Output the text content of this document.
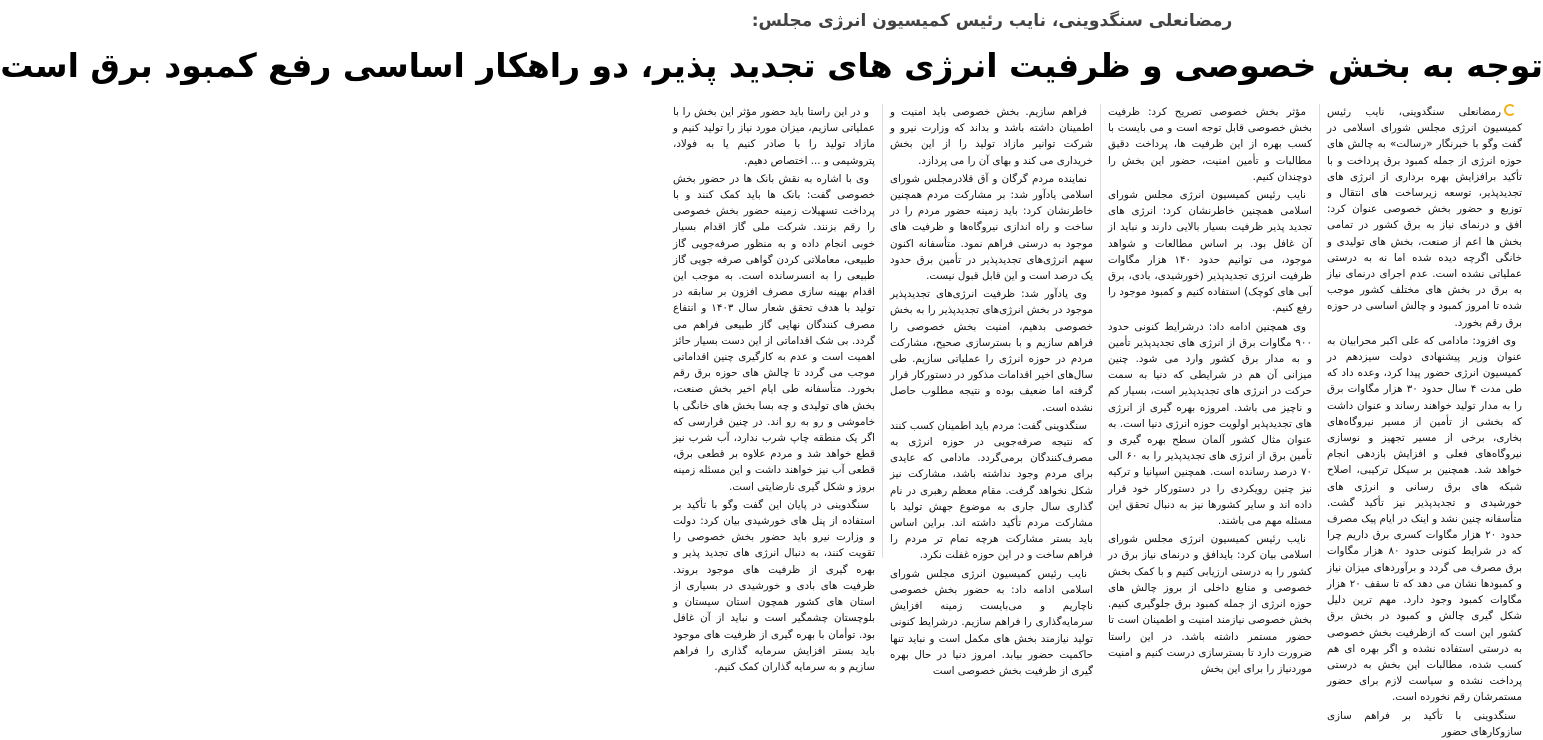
رمضانعلی سنگدوینی، نایب رئیس کمیسیون انرژی مجلس:
توجه به بخش خصوصی و ظرفیت انرژی های تجدید پذیر، دو راهکار اساسی رفع کمبود برق است

رمضانعلی سنگدوینی، نایب رئیس کمیسیون انرژی مجلس شورای اسلامی در گفت وگو با خبرنگار «رسالت» به چالش های حوزه انرژی از جمله کمبود برق پرداخت و با تأکید برافزایش بهره برداری از انرژی های تجدیدپذیر، توسعه زیرساخت های انتقال و توزیع و حضور بخش خصوصی عنوان کرد: افق و درنمای نیاز به برق کشور در تمامی بخش ها اعم از صنعت، بخش های تولیدی و خانگی اگرچه دیده شده اما نه به درستی عملیاتی نشده است. عدم اجرای درنمای نیاز به برق در بخش های مختلف کشور موجب شده تا امروز کمبود و چالش اساسی در حوزه برق رقم بخورد.

وی افزود: مادامی که علی اکبر محرابیان به عنوان وزیر پیشنهادی دولت سیزدهم در کمیسیون انرژی حضور پیدا کرد، وعده داد که طی مدت ۴ سال حدود ۳۰ هزار مگاوات برق را به مدار تولید خواهند رساند و عنوان داشت که بخشی از تأمین از مسیر نیروگاه‌های بخاری، برخی از مسیر تجهیز و نوسازی نیروگاه‌های فعلی و افزایش بازدهی انجام خواهد شد. همچنین بر سیکل ترکیبی، اصلاح شبکه های برق رسانی و انرژی های خورشیدی و تجدیدپذیر نیز تأکید گشت. متأسفانه چنین نشد و اینک در ایام پیک مصرف حدود ۲۰ هزار مگاوات کسری برق داریم چرا که در شرایط کنونی حدود ۸۰ هزار مگاوات برق مصرف می گردد و برآوردهای میزان نیاز و کمبودها نشان می دهد که تا سقف ۲۰ هزار مگاوات کمبود وجود دارد. مهم ترین دلیل شکل گیری چالش و کمبود در بخش برق کشور این است که ازظرفیت بخش خصوصی به درستی استفاده نشده و اگر بهره ای هم کسب شده، مطالبات این بخش به درستی پرداخت نشده و سیاست لازم برای حضور مستمرشان رقم نخورده است.

سنگدوینی با تأکید بر فراهم سازی سازوکارهای حضور

مؤثر بخش خصوصی تصریح کرد: ظرفیت بخش خصوصی قابل توجه است و می بایست با کسب بهره از این ظرفیت ها، پرداخت دقیق مطالبات و تأمین امنیت، حضور این بخش را دوچندان کنیم.

نایب رئیس کمیسیون انرژی مجلس شورای اسلامی همچنین خاطرنشان کرد: انرژی های تجدید پذیر ظرفیت بسیار بالایی دارند و نباید از آن غافل بود. بر اساس مطالعات و شواهد موجود، می توانیم حدود ۱۴۰ هزار مگاوات ظرفیت انرژی تجدیدپذیر (خورشیدی، بادی، برق آبی های کوچک) استفاده کنیم و کمبود موجود را رفع کنیم.

وی همچنین ادامه داد: درشرایط کنونی حدود ۹۰۰ مگاوات برق از انرژی های تجدیدپذیر تأمین و به مدار برق کشور وارد می شود. چنین میزانی آن هم در شرایطی که دنیا به سمت حرکت در انرژی های تجدیدپذیر است، بسیار کم و ناچیز می باشد. امروزه بهره گیری از انرژی های تجدیدپذیر اولویت حوزه انرژی دنیا است. به عنوان مثال کشور آلمان سطح بهره گیری و تأمین برق از انرژی های تجدیدپذیر را به ۶۰ الی ۷۰ درصد رسانده است. همچنین اسپانیا و ترکیه نیز چنین رویکردی را در دستورکار خود قرار داده اند و سایر کشورها نیز به دنبال تحقق این مسئله مهم می باشند.

نایب رئیس کمیسیون انرژی مجلس شورای اسلامی بیان کرد: بایدافق و درنمای نیاز برق در کشور را به درستی ارزیابی کنیم و با کمک بخش خصوصی و منابع داخلی از بروز چالش های حوزه انرژی از جمله کمبود برق جلوگیری کنیم. بخش خصوصی نیازمند امنیت و اطمینان است تا حضور مستمر داشته باشد. در این راستا ضرورت دارد تا بسترسازی درست کنیم و امنیت موردنیاز را برای این بخش

فراهم سازیم. بخش خصوصی باید امنیت و اطمینان داشته باشد و بداند که وزارت نیرو و شرکت توانیر مازاد تولید را از این بخش خریداری می کند و بهای آن را می پردازد.

نماینده مردم گرگان و آق قلادرمجلس شورای اسلامی یادآور شد: بر مشارکت مردم همچنین خاطرنشان کرد: باید زمینه حضور مردم را در ساخت و راه اندازی نیروگاه‌ها و ظرفیت های موجود به درستی فراهم نمود. متأسفانه اکنون سهم انرژی‌های تجدیدپذیر در تأمین برق حدود یک درصد است و این قابل قبول نیست.

وی یادآور شد: ظرفیت انرژی‌های تجدیدپذیر موجود در بخش انرژی‌های تجدیدپذیر را به بخش خصوصی بدهیم، امنیت بخش خصوصی را فراهم سازیم و با بسترسازی صحیح، مشارکت مردم در حوزه انرژی را عملیاتی سازیم. طی سال‌های اخیر اقدامات مذکور در دستورکار قرار گرفته اما ضعیف بوده و نتیجه مطلوب حاصل نشده است.

سنگدوینی گفت: مردم باید اطمینان کسب کنند که نتیجه صرفه‌جویی در حوزه انرژی به مصرف‌کنندگان برمی‌گردد. مادامی که عایدی برای مردم وجود نداشته باشد، مشارکت نیز شکل نخواهد گرفت. مقام معظم رهبری در نام گذاری سال جاری به موضوع جهش تولید با مشارکت مردم تأکید داشته اند. براین اساس باید بستر مشارکت هرچه تمام تر مردم را فراهم ساخت و در این حوزه غفلت نکرد.

نایب رئیس کمیسیون انرژی مجلس شورای اسلامی ادامه داد: به حضور بخش خصوصی ناچاریم و می‌بایست زمینه افزایش سرمایه‌گذاری را فراهم سازیم. درشرایط کنونی تولید نیازمند بخش های مکمل است و نباید تنها حاکمیت حضور بیابد. امروز دنیا در حال بهره گیری از ظرفیت بخش خصوصی است

و در این راستا باید حضور مؤثر این بخش را با عملیاتی سازیم، میزان مورد نیاز را تولید کنیم و مازاد تولید را با صادر کنیم یا به فولاد، پتروشیمی و ... اختصاص دهیم.

وی با اشاره به نقش بانک ها در حضور بخش خصوصی گفت: بانک ها باید کمک کنند و با پرداخت تسهیلات زمینه حضور بخش خصوصی را رقم بزنند. شرکت ملی گاز اقدام بسیار خوبی انجام داده و به منظور صرفه‌جویی گاز طبیعی، معاملاتی کردن گواهی صرفه جویی گاز طبیعی را به انسرسانده است. به موجب این اقدام بهینه سازی مصرف افزون بر سابقه در تولید با هدف تحقق شعار سال ۱۴۰۳ و انتفاع مصرف کنندگان نهایی گاز طبیعی فراهم می گردد. بی شک اقداماتی از این دست بسیار حائز اهمیت است و عدم به کارگیری چنین اقداماتی موجب می گردد تا چالش های حوزه برق رقم بخورد. متأسفانه طی ایام اخیر بخش صنعت، بخش های تولیدی و چه بسا بخش های خانگی با خاموشی و رو به رو اند. در چنین قرارسی که اگر یک منطقه چاپ شرب ندارد، آب شرب نیز قطع خواهد شد و مردم علاوه بر قطعی برق، قطعی آب نیز خواهند داشت و این مسئله زمینه بروز و شکل گیری نارضایتی است.

سنگدوینی در پایان این گفت وگو با تأکید بر استفاده از پنل های خورشیدی بیان کرد: دولت و وزارت نیرو باید حضور بخش خصوصی را تقویت کنند، به دنبال انرژی های تجدید پذیر و بهره گیری از ظرفیت های موجود بروند. ظرفیت های بادی و خورشیدی در بسیاری از استان های کشور همچون استان سیستان و بلوچستان چشمگیر است و نباید از آن غافل بود. توأمان با بهره گیری از ظرفیت های موجود باید بستر افزایش سرمایه گذاری را فراهم سازیم و به سرمایه گذاران کمک کنیم.
